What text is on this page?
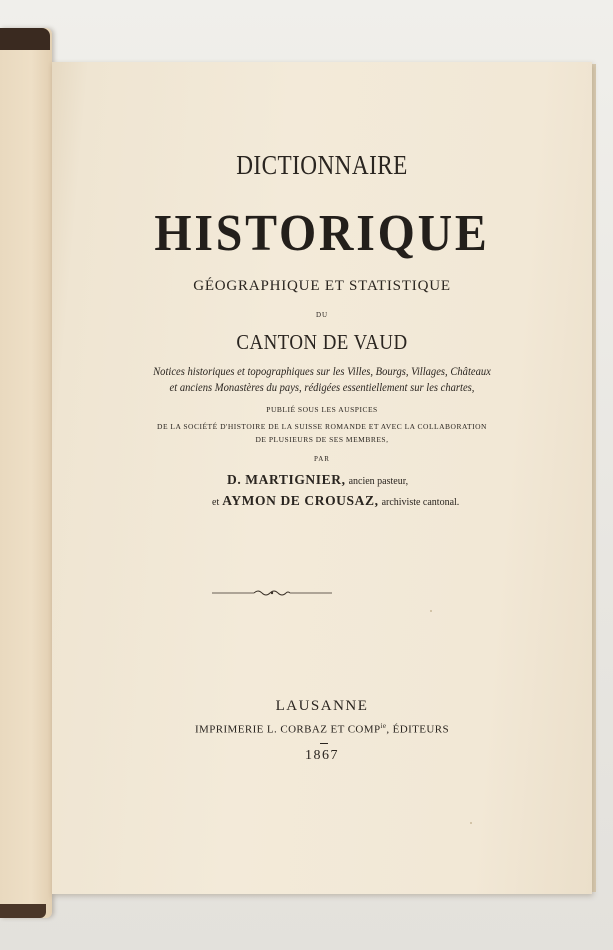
DICTIONNAIRE
HISTORIQUE
GÉOGRAPHIQUE ET STATISTIQUE
DU
CANTON DE VAUD
Notices historiques et topographiques sur les Villes, Bourgs, Villages, Châteaux
et anciens Monastères du pays, rédigées essentiellement sur les chartes,
PUBLIÉ SOUS LES AUSPICES
DE LA SOCIÉTÉ D'HISTOIRE DE LA SUISSE ROMANDE ET AVEC LA COLLABORATION
DE PLUSIEURS DE SES MEMBRES,
PAR
D. MARTIGNIER, ancien pasteur,
et AYMON DE CROUSAZ, archiviste cantonal.
LAUSANNE
IMPRIMERIE L. CORBAZ ET $COMP^{ie}$, ÉDITEURS
1867
